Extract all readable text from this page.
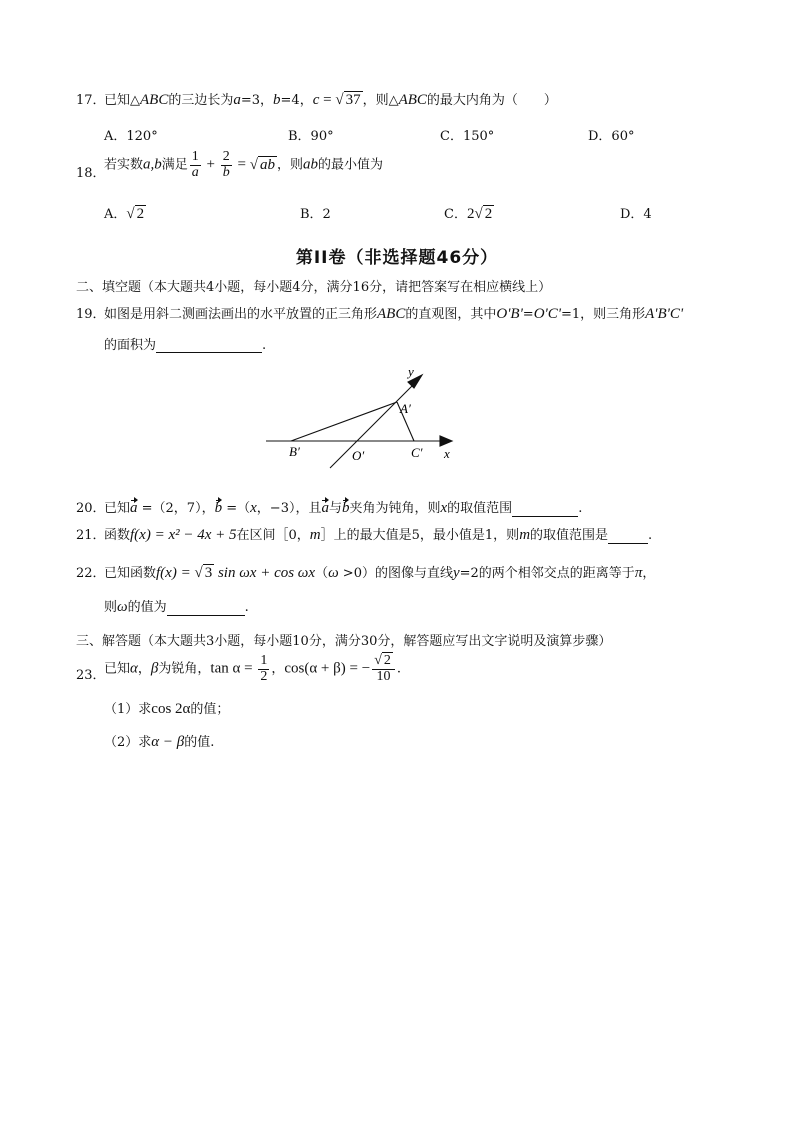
17．
已知△ABC的三边长为a=3，b=4，c = √ 37 ，则△ABC的最大内角为（　　）
A．120°	B．90°	C．150°	D．60°
18．
若实数a,b满足 $\frac{1}{a} + \frac{2}{b}$ = √ ab ，则ab的最小值为
A．√ 2	B．2	C．2√ 2	D．4
第II卷（非选择题46分）
二、填空题（本大题共4小题，每小题4分，满分16分，请把答案写在相应横线上）
19．
如图是用斜二测画法画出的水平放置的正三角形ABC的直观图，其中O'B'=O'C'=1，则三角形A'B'C'
的面积为	.
y
x
A′
B′	O′	C′
20．
已知a =（2，7），b =（x，−3），且a与b夹角为钝角，则x的取值范围	.
21．
函数f(x) = x² − 4x + 5在区间［0，m］上的最大值是5，最小值是1，则m的取值范围是	.
22．
已知函数f(x) = √ 3 sin ωx + cos ωx（ω >0）的图像与直线y=2的两个相邻交点的距离等于π，
则ω的值为	.
三、解答题（本大题共3小题，每小题10分，满分30分，解答题应写出文字说明及演算步骤）
23．
已知α，β为锐角，$\tan \alpha = \frac{1}{2}$ ，cos(α + β) = − $\frac{√ 2}{10}$ .
（1）求cos 2α的值；
（2）求α − β的值.
